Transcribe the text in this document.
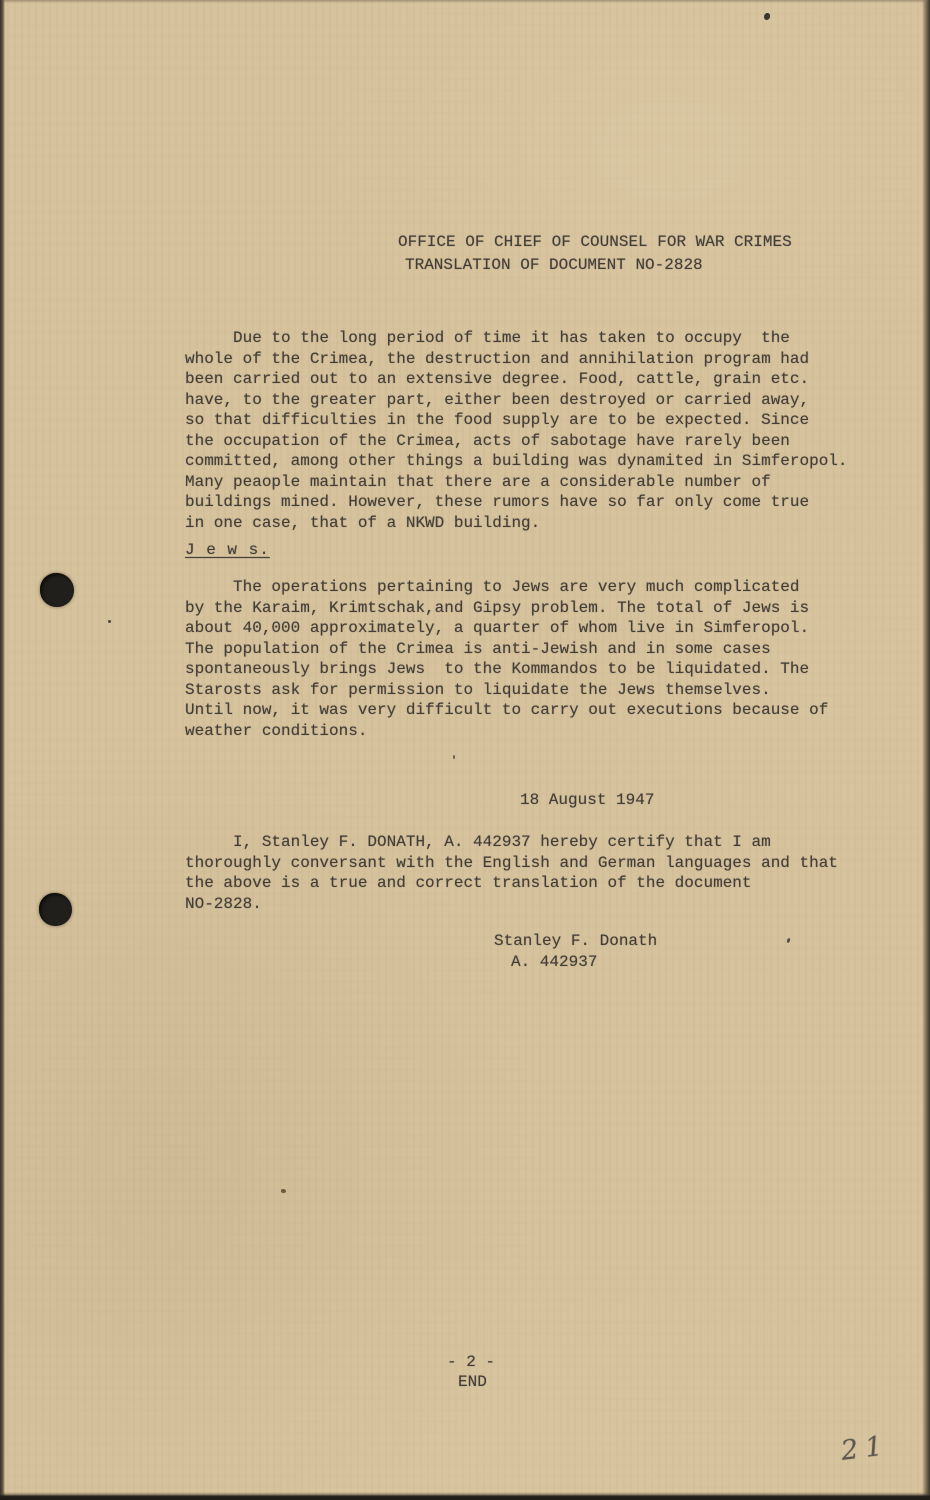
OFFICE OF CHIEF OF COUNSEL FOR WAR CRIMES
TRANSLATION OF DOCUMENT NO-2828
Due to the long period of time it has taken to occupy  the
whole of the Crimea, the destruction and annihilation program had
been carried out to an extensive degree. Food, cattle, grain etc.
have, to the greater part, either been destroyed or carried away,
so that difficulties in the food supply are to be expected. Since
the occupation of the Crimea, acts of sabotage have rarely been
committed, among other things a building was dynamited in Simferopol.
Many peaople maintain that there are a considerable number of
buildings mined. However, these rumors have so far only come true
in one case, that of a NKWD building.
J e w s.
The operations pertaining to Jews are very much complicated
by the Karaim, Krimtschak,and Gipsy problem. The total of Jews is
about 40,000 approximately, a quarter of whom live in Simferopol.
The population of the Crimea is anti-Jewish and in some cases
spontaneously brings Jews  to the Kommandos to be liquidated. The
Starosts ask for permission to liquidate the Jews themselves.
Until now, it was very difficult to carry out executions because of
weather conditions.
18 August 1947
I, Stanley F. DONATH, A. 442937 hereby certify that I am
thoroughly conversant with the English and German languages and that
the above is a true and correct translation of the document
NO-2828.
Stanley F. Donath
A. 442937
- 2 -
END
21
